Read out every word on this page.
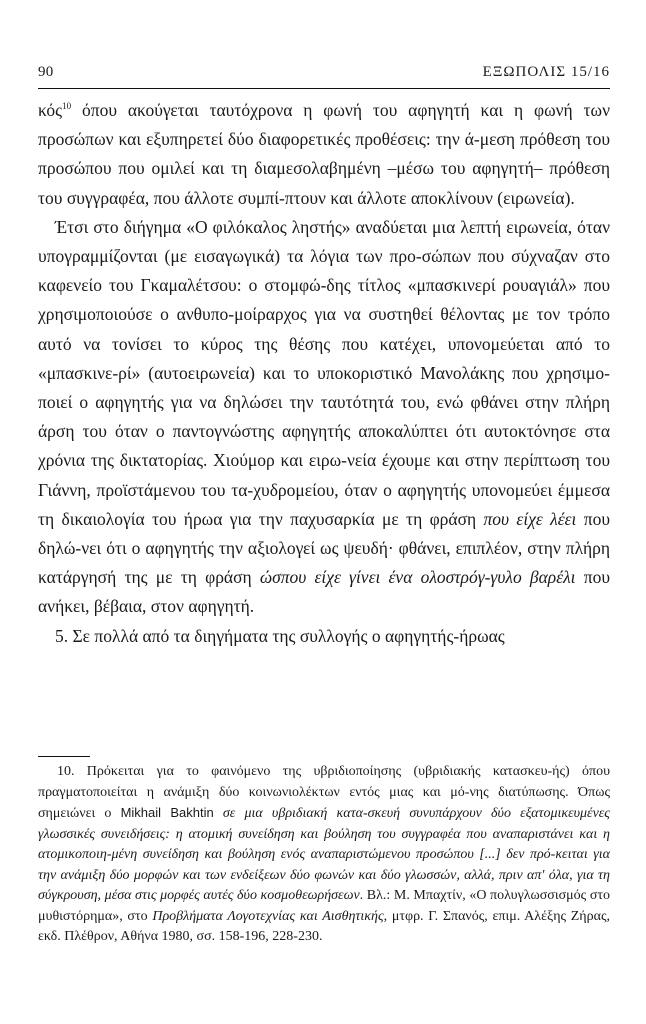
90	ΕΞΩΠΟΛΙΣ 15/16

κός$^{10}$ όπου ακούγεται ταυτόχρονα η φωνή του αφηγητή και η φωνή των προσώπων και εξυπηρετεί δύο διαφορετικές προθέσεις: την ά-μεση πρόθεση του προσώπου που ομιλεί και τη διαμεσολαβημένη –μέσω του αφηγητή– πρόθεση του συγγραφέα, που άλλοτε συμπί-πτουν και άλλοτε αποκλίνουν (ειρωνεία).

Έτσι στο διήγημα «Ο φιλόκαλος ληστής» αναδύεται μια λεπτή ειρωνεία, όταν υπογραμμίζονται (με εισαγωγικά) τα λόγια των προ-σώπων που σύχναζαν στο καφενείο του Γκαμαλέτσου: ο στομφώ-δης τίτλος «μπασκινερί ρουαγιάλ» που χρησιμοποιούσε ο ανθυπο-μοίραρχος για να συστηθεί θέλοντας με τον τρόπο αυτό να τονίσει το κύρος της θέσης που κατέχει, υπονομεύεται από το «μπασκινε-ρί» (αυτοειρωνεία) και το υποκοριστικό Μανολάκης που χρησιμο-ποιεί ο αφηγητής για να δηλώσει την ταυτότητά του, ενώ φθάνει στην πλήρη άρση του όταν ο παντογνώστης αφηγητής αποκαλύπτει ότι αυτοκτόνησε στα χρόνια της δικτατορίας. Χιούμορ και ειρω-νεία έχουμε και στην περίπτωση του Γιάννη, προϊστάμενου του τα-χυδρομείου, όταν ο αφηγητής υπονομεύει έμμεσα τη δικαιολογία του ήρωα για την παχυσαρκία με τη φράση που είχε λέει που δηλώ-νει ότι ο αφηγητής την αξιολογεί ως ψευδή· φθάνει, επιπλέον, στην πλήρη κατάργησή της με τη φράση ώσπου είχε γίνει ένα ολοστρόγ-γυλο βαρέλι που ανήκει, βέβαια, στον αφηγητή.

5. Σε πολλά από τα διηγήματα της συλλογής ο αφηγητής-ήρωας

10. Πρόκειται για το φαινόμενο της υβριδιοποίησης (υβριδιακής κατασκευ-ής) όπου πραγματοποιείται η ανάμιξη δύο κοινωνιολέκτων εντός μιας και μό-νης διατύπωσης. Όπως σημειώνει ο Mikhail Bakhtin σε μια υβριδιακή κατα-σκευή συνυπάρχουν δύο εξατομικευμένες γλωσσικές συνειδήσεις: η ατομική συνείδηση και βούληση του συγγραφέα που αναπαριστάνει και η ατομικοποιη-μένη συνείδηση και βούληση ενός αναπαριστώμενου προσώπου [...] δεν πρό-κειται για την ανάμιξη δύο μορφών και των ενδείξεων δύο φωνών και δύο γλωσσών, αλλά, πριν απ' όλα, για τη σύγκρουση, μέσα στις μορφές αυτές δύο κοσμοθεωρήσεων. Βλ.: Μ. Μπαχτίν, «Ο πολυγλωσσισμός στο μυθιστόρημα», στο Προβλήματα Λογοτεχνίας και Αισθητικής, μτφρ. Γ. Σπανός, επιμ. Αλέξης Ζήρας, εκδ. Πλέθρον, Αθήνα 1980, σσ. 158-196, 228-230.
